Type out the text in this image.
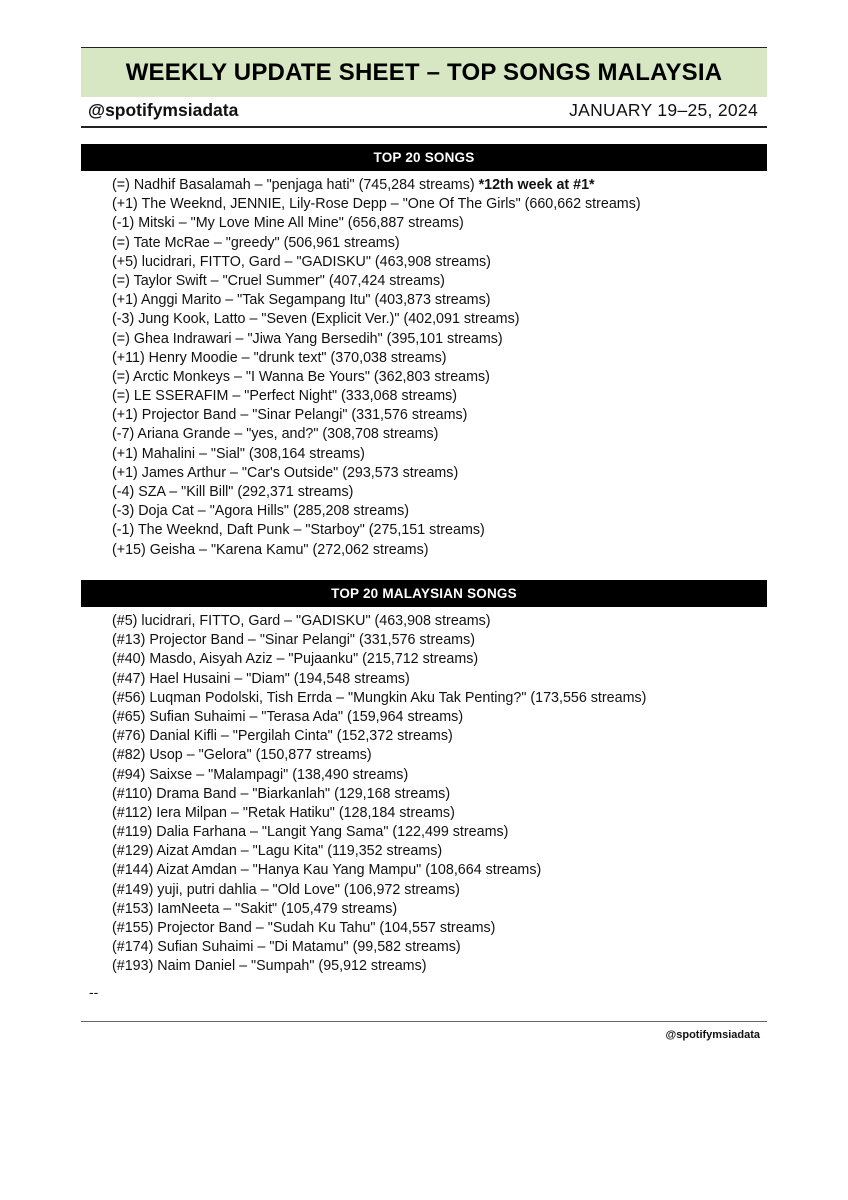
WEEKLY UPDATE SHEET – TOP SONGS MALAYSIA
@spotifymsiadata	JANUARY 19–25, 2024
TOP 20 SONGS
(=) Nadhif Basalamah – "penjaga hati" (745,284 streams) *12th week at #1*
(+1) The Weeknd, JENNIE, Lily-Rose Depp – "One Of The Girls" (660,662 streams)
(-1) Mitski – "My Love Mine All Mine" (656,887 streams)
(=) Tate McRae – "greedy" (506,961 streams)
(+5) lucidrari, FITTO, Gard – "GADISKU" (463,908 streams)
(=) Taylor Swift – "Cruel Summer" (407,424 streams)
(+1) Anggi Marito – "Tak Segampang Itu" (403,873 streams)
(-3) Jung Kook, Latto – "Seven (Explicit Ver.)" (402,091 streams)
(=) Ghea Indrawari – "Jiwa Yang Bersedih" (395,101 streams)
(+11) Henry Moodie – "drunk text" (370,038 streams)
(=) Arctic Monkeys – "I Wanna Be Yours" (362,803 streams)
(=) LE SSERAFIM – "Perfect Night" (333,068 streams)
(+1) Projector Band – "Sinar Pelangi" (331,576 streams)
(-7) Ariana Grande – "yes, and?" (308,708 streams)
(+1) Mahalini – "Sial" (308,164 streams)
(+1) James Arthur – "Car's Outside" (293,573 streams)
(-4) SZA – "Kill Bill" (292,371 streams)
(-3) Doja Cat – "Agora Hills" (285,208 streams)
(-1) The Weeknd, Daft Punk – "Starboy" (275,151 streams)
(+15) Geisha – "Karena Kamu" (272,062 streams)
TOP 20 MALAYSIAN SONGS
(#5) lucidrari, FITTO, Gard – "GADISKU" (463,908 streams)
(#13) Projector Band – "Sinar Pelangi" (331,576 streams)
(#40) Masdo, Aisyah Aziz – "Pujaanku" (215,712 streams)
(#47) Hael Husaini – "Diam" (194,548 streams)
(#56) Luqman Podolski, Tish Errda – "Mungkin Aku Tak Penting?" (173,556 streams)
(#65) Sufian Suhaimi – "Terasa Ada" (159,964 streams)
(#76) Danial Kifli – "Pergilah Cinta" (152,372 streams)
(#82) Usop – "Gelora" (150,877 streams)
(#94) Saixse – "Malampagi" (138,490 streams)
(#110) Drama Band – "Biarkanlah" (129,168 streams)
(#112) Iera Milpan – "Retak Hatiku" (128,184 streams)
(#119) Dalia Farhana – "Langit Yang Sama" (122,499 streams)
(#129) Aizat Amdan – "Lagu Kita" (119,352 streams)
(#144) Aizat Amdan – "Hanya Kau Yang Mampu" (108,664 streams)
(#149) yuji, putri dahlia – "Old Love" (106,972 streams)
(#153) IamNeeta – "Sakit" (105,479 streams)
(#155) Projector Band – "Sudah Ku Tahu" (104,557 streams)
(#174) Sufian Suhaimi – "Di Matamu" (99,582 streams)
(#193) Naim Daniel – "Sumpah" (95,912 streams)
--
@spotifymsiadata
